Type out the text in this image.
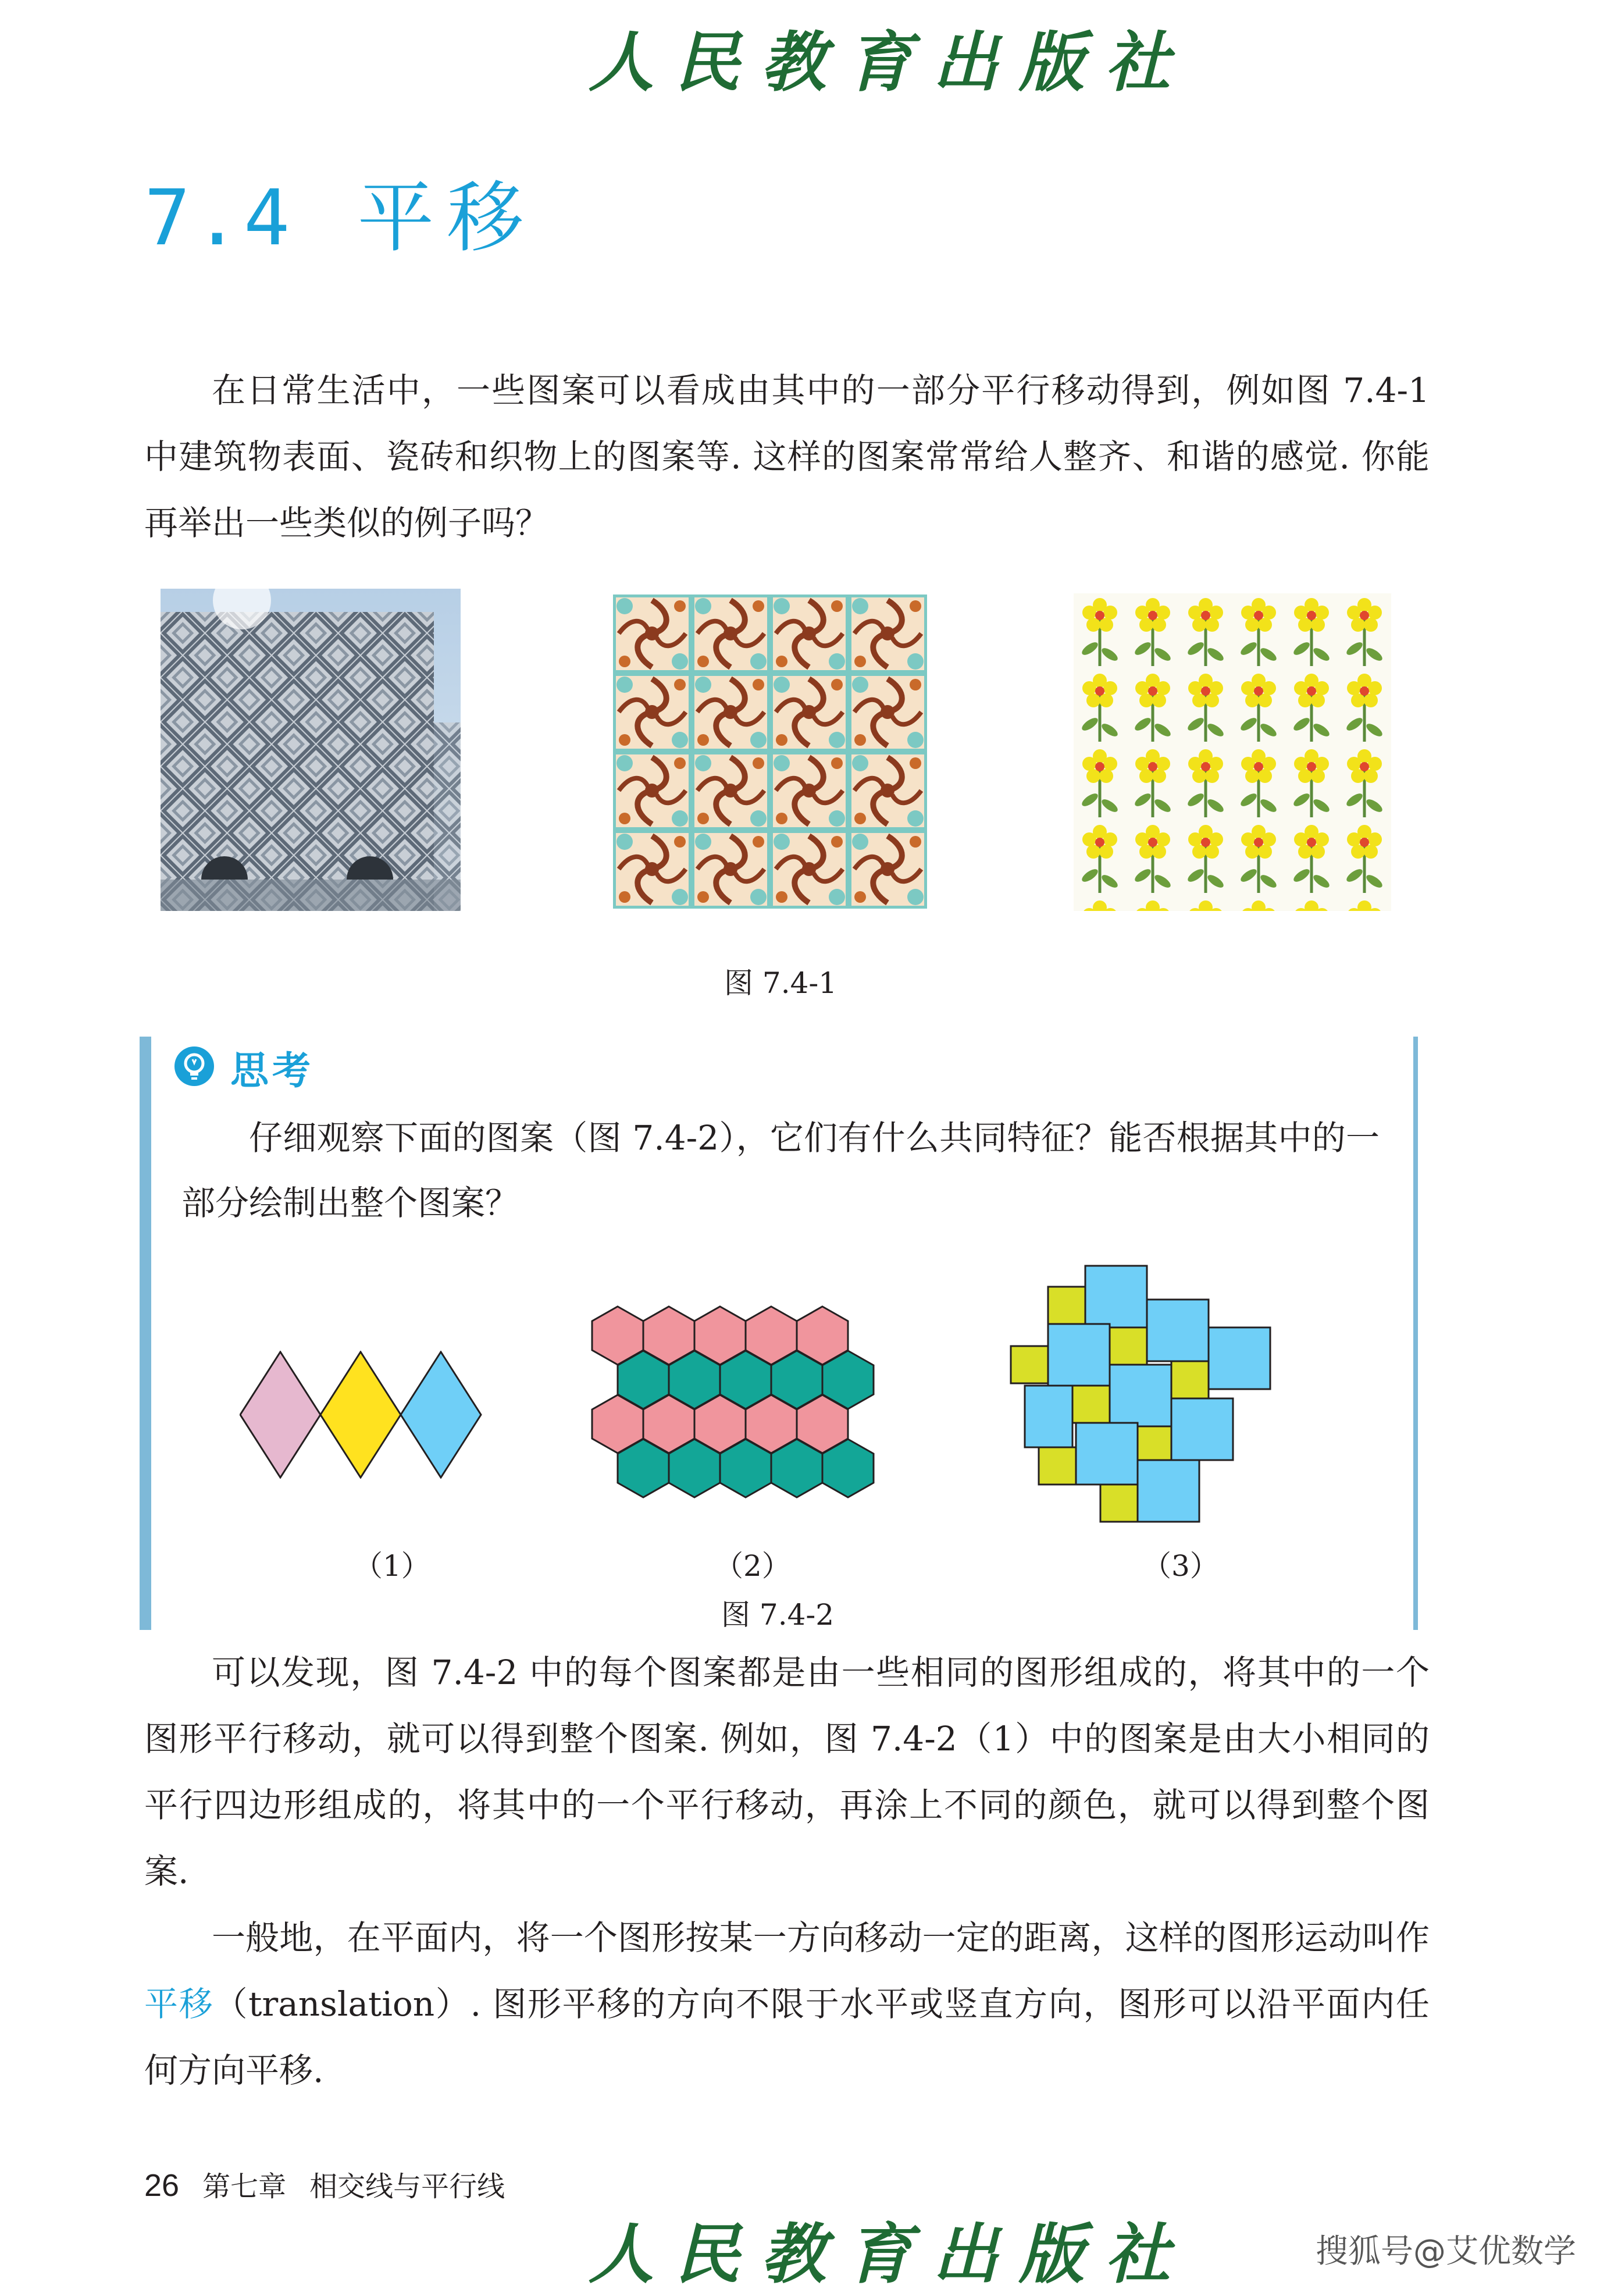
人民教育出版社
7.4 平移

在日常生活中，一些图案可以看成由其中的一部分平行移动得到，例如图 7.4-1 中建筑物表面、瓷砖和织物上的图案等. 这样的图案常常给人整齐、和谐的感觉. 你能再举出一些类似的例子吗？

图 7.4-1
思考

仔细观察下面的图案（图 7.4-2），它们有什么共同特征？能否根据其中的一部分绘制出整个图案？

（1）	（2）	（3）
图 7.4-2

可以发现，图 7.4-2 中的每个图案都是由一些相同的图形组成的，将其中的一个图形平行移动，就可以得到整个图案. 例如，图 7.4-2（1）中的图案是由大小相同的平行四边形组成的，将其中的一个平行移动，再涂上不同的颜色，就可以得到整个图案.

一般地，在平面内，将一个图形按某一方向移动一定的距离，这样的图形运动叫作平移（translation）. 图形平移的方向不限于水平或竖直方向，图形可以沿平面内任何方向平移.

26 第七章 相交线与平行线
人民教育出版社	搜狐号@艾优数学
